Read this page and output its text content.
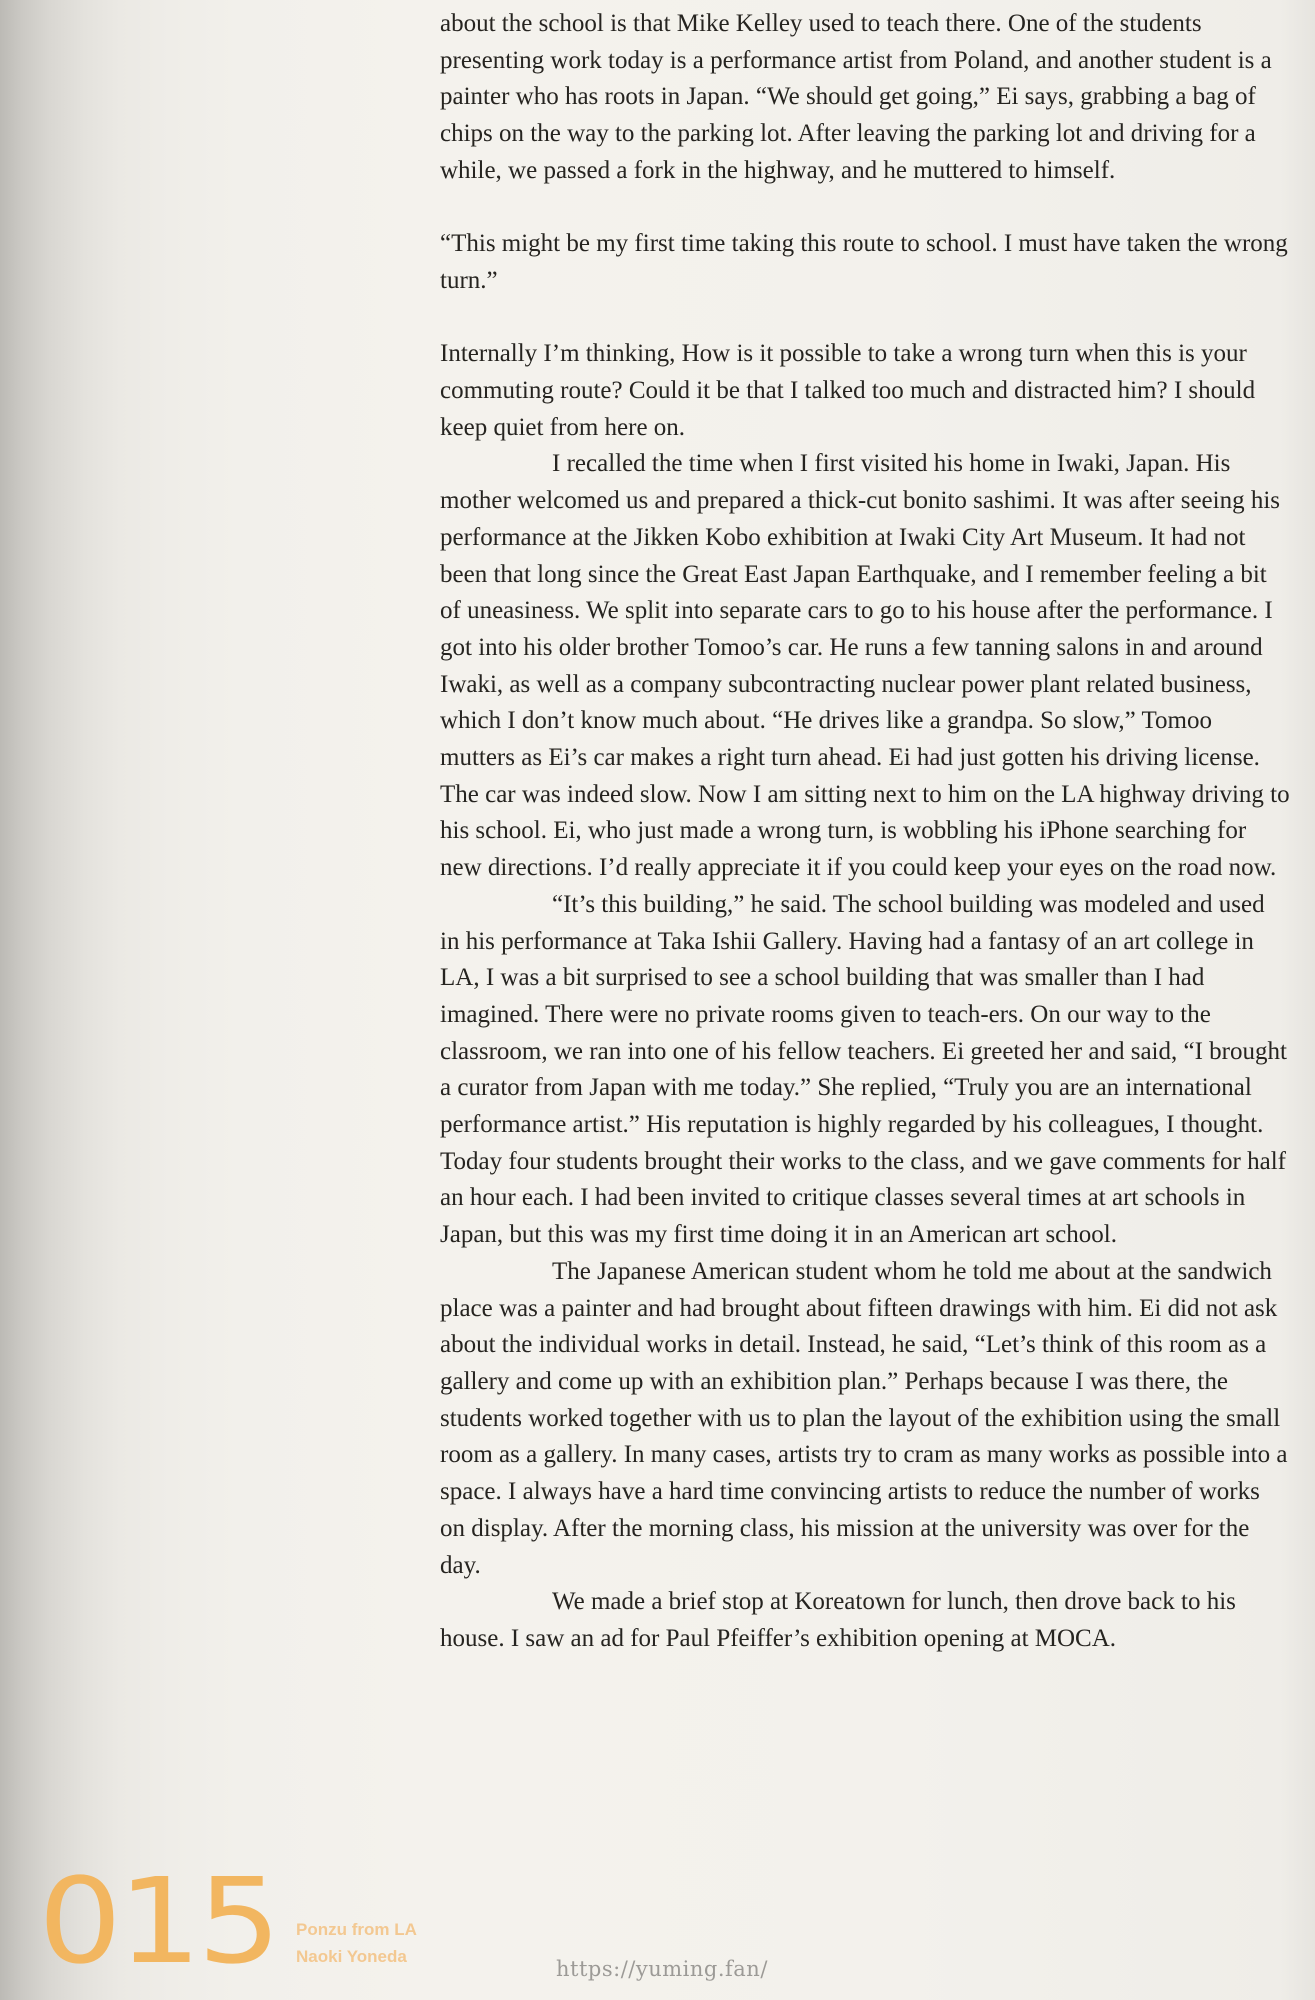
about the school is that Mike Kelley used to teach there. One of the students presenting work today is a performance artist from Poland, and another student is a painter who has roots in Japan. “We should get going,” Ei says, grabbing a bag of chips on the way to the parking lot. After leaving the parking lot and driving for a while, we passed a fork in the highway, and he muttered to himself.

“This might be my first time taking this route to school. I must have taken the wrong turn.”

Internally I’m thinking, How is it possible to take a wrong turn when this is your commuting route? Could it be that I talked too much and distracted him? I should keep quiet from here on.

I recalled the time when I first visited his home in Iwaki, Japan. His mother welcomed us and prepared a thick-cut bonito sashimi. It was after seeing his performance at the Jikken Kobo exhibition at Iwaki City Art Museum. It had not been that long since the Great East Japan Earthquake, and I remember feeling a bit of uneasiness. We split into separate cars to go to his house after the performance. I got into his older brother Tomoo’s car. He runs a few tanning salons in and around Iwaki, as well as a company subcontracting nuclear power plant related business, which I don’t know much about. “He drives like a grandpa. So slow,” Tomoo mutters as Ei’s car makes a right turn ahead. Ei had just gotten his driving license. The car was indeed slow. Now I am sitting next to him on the LA highway driving to his school. Ei, who just made a wrong turn, is wobbling his iPhone searching for new directions. I’d really appreciate it if you could keep your eyes on the road now.

“It’s this building,” he said. The school building was modeled and used in his performance at Taka Ishii Gallery. Having had a fantasy of an art college in LA, I was a bit surprised to see a school building that was smaller than I had imagined. There were no private rooms given to teach-ers. On our way to the classroom, we ran into one of his fellow teachers. Ei greeted her and said, “I brought a curator from Japan with me today.” She replied, “Truly you are an international performance artist.” His reputation is highly regarded by his colleagues, I thought. Today four students brought their works to the class, and we gave comments for half an hour each. I had been invited to critique classes several times at art schools in Japan, but this was my first time doing it in an American art school.

The Japanese American student whom he told me about at the sandwich place was a painter and had brought about fifteen drawings with him. Ei did not ask about the individual works in detail. Instead, he said, “Let’s think of this room as a gallery and come up with an exhibition plan.” Perhaps because I was there, the students worked together with us to plan the layout of the exhibition using the small room as a gallery. In many cases, artists try to cram as many works as possible into a space. I always have a hard time convincing artists to reduce the number of works on display. After the morning class, his mission at the university was over for the day.

We made a brief stop at Koreatown for lunch, then drove back to his house. I saw an ad for Paul Pfeiffer’s exhibition opening at MOCA.

015 Ponzu from LA
Naoki Yoneda
https://yuming.fan/
